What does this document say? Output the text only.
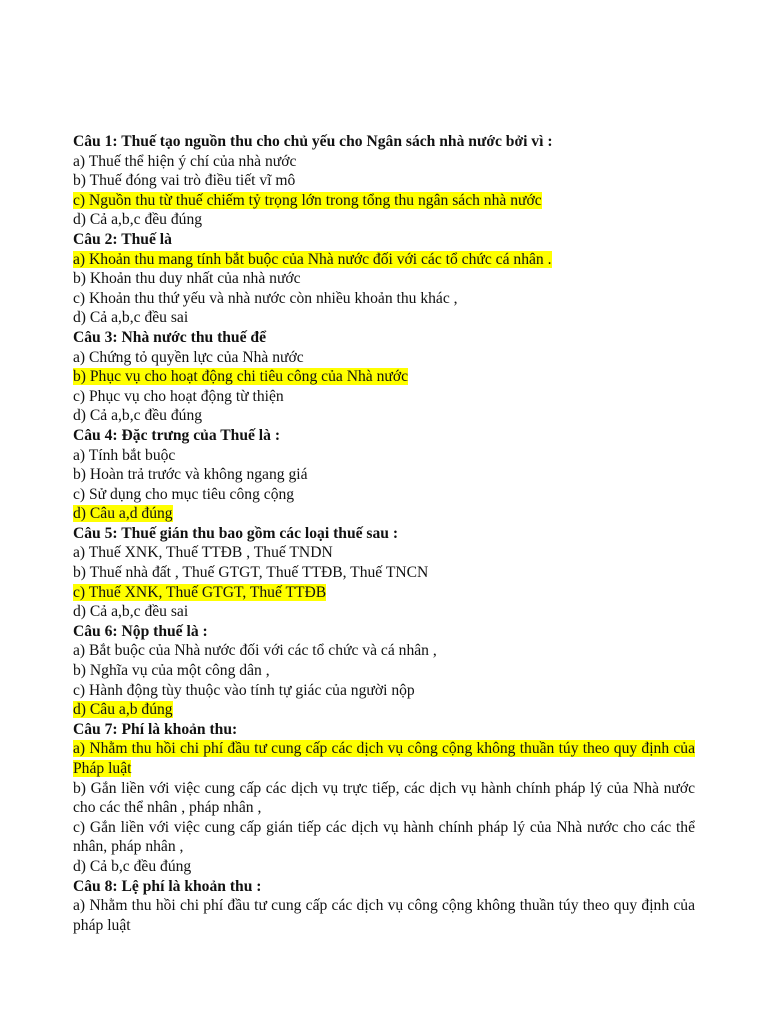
Câu 1: Thuế tạo nguồn thu cho chủ yếu cho Ngân sách nhà nước bởi vì :
a) Thuế thể hiện ý chí của nhà nước
b) Thuế đóng vai trò điều tiết vĩ mô
c) Nguồn thu từ thuế chiếm tỷ trọng lớn trong tổng thu ngân sách nhà nước
d) Cả a,b,c đều đúng
Câu 2: Thuế là
a) Khoản thu mang tính bắt buộc của Nhà nước đối với các tổ chức cá nhân .
b) Khoản thu duy nhất của nhà nước
c) Khoản thu thứ yếu và nhà nước còn nhiều khoản thu khác ,
d) Cả a,b,c đều sai
Câu 3: Nhà nước thu thuế để
a) Chứng tỏ quyền lực của Nhà nước
b) Phục vụ cho hoạt động chi tiêu công của Nhà nước
c) Phục vụ cho hoạt động từ thiện
d) Cả a,b,c đều đúng
Câu 4: Đặc trưng của Thuế là :
a) Tính bắt buộc
b) Hoàn trả trước và không ngang giá
c) Sử dụng cho mục tiêu công cộng
d) Câu a,d đúng
Câu 5: Thuế gián thu bao gồm các loại thuế sau :
a) Thuế XNK, Thuế TTĐB , Thuế TNDN
b) Thuế nhà đất , Thuế GTGT, Thuế TTĐB, Thuế TNCN
c) Thuế XNK, Thuế GTGT, Thuế TTĐB
d) Cả a,b,c đều sai
Câu 6: Nộp thuế là :
a) Bắt buộc của Nhà nước đối với các tổ chức và cá nhân ,
b) Nghĩa vụ của một công dân ,
c) Hành động tùy thuộc vào tính tự giác của người nộp
d) Câu a,b đúng
Câu 7: Phí là khoản thu:
a) Nhằm thu hồi chi phí đầu tư cung cấp các dịch vụ công cộng không thuần túy theo quy định của Pháp luật
b) Gắn liền với việc cung cấp các dịch vụ trực tiếp, các dịch vụ hành chính pháp lý của Nhà nước cho các thể nhân , pháp nhân ,
c) Gắn liền với việc cung cấp gián tiếp các dịch vụ hành chính pháp lý của Nhà nước cho các thể nhân, pháp nhân ,
d) Cả b,c đều đúng
Câu 8: Lệ phí là khoản thu :
a) Nhằm thu hồi chi phí đầu tư cung cấp các dịch vụ công cộng không thuần túy theo quy định của pháp luật
